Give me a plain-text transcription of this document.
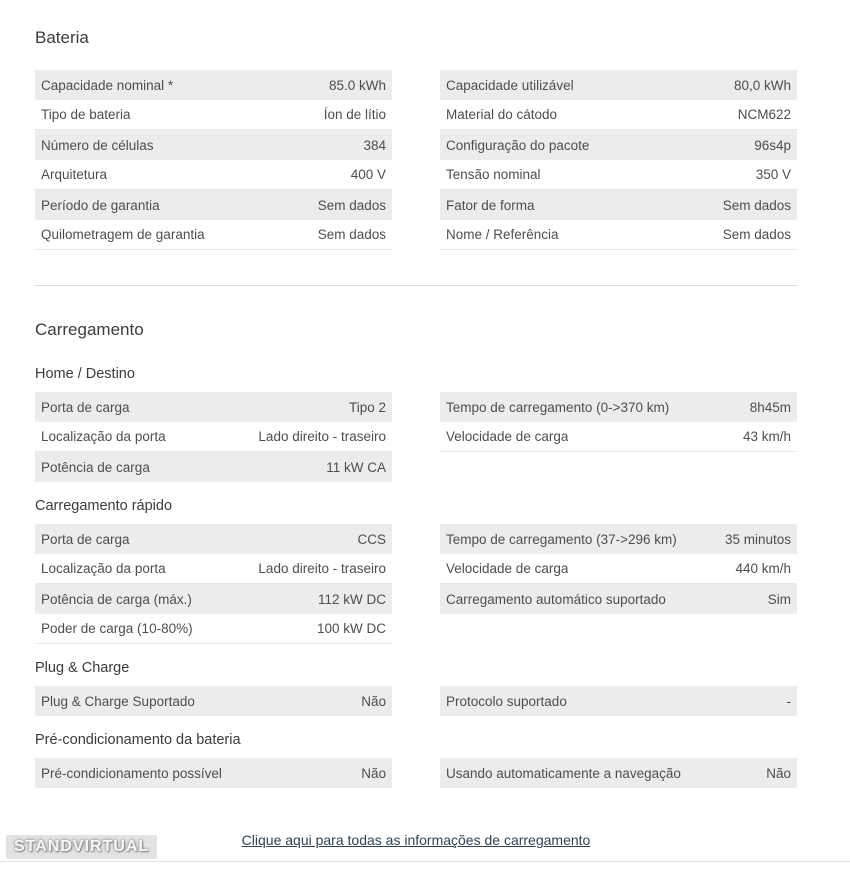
Bateria
Capacidade nominal *	85.0 kWh
Tipo de bateria	Íon de lítio
Número de células	384
Arquitetura	400 V
Período de garantia	Sem dados
Quilometragem de garantia	Sem dados
Capacidade utilizável	80,0 kWh
Material do cátodo	NCM622
Configuração do pacote	96s4p
Tensão nominal	350 V
Fator de forma	Sem dados
Nome / Referência	Sem dados
Carregamento
Home / Destino
Porta de carga	Tipo 2
Localização da porta	Lado direito - traseiro
Potência de carga	11 kW CA
Tempo de carregamento (0->370 km)	8h45m
Velocidade de carga	43 km/h
Carregamento rápido
Porta de carga	CCS
Localização da porta	Lado direito - traseiro
Potência de carga (máx.)	112 kW DC
Poder de carga (10-80%)	100 kW DC
Tempo de carregamento (37->296 km)	35 minutos
Velocidade de carga	440 km/h
Carregamento automático suportado	Sim
Plug & Charge
Plug & Charge Suportado	Não	Protocolo suportado	-
Pré-condicionamento da bateria
Pré-condicionamento possível	Não	Usando automaticamente a navegação	Não
Clique aqui para todas as informações de carregamento
STANDVIRTUAL
